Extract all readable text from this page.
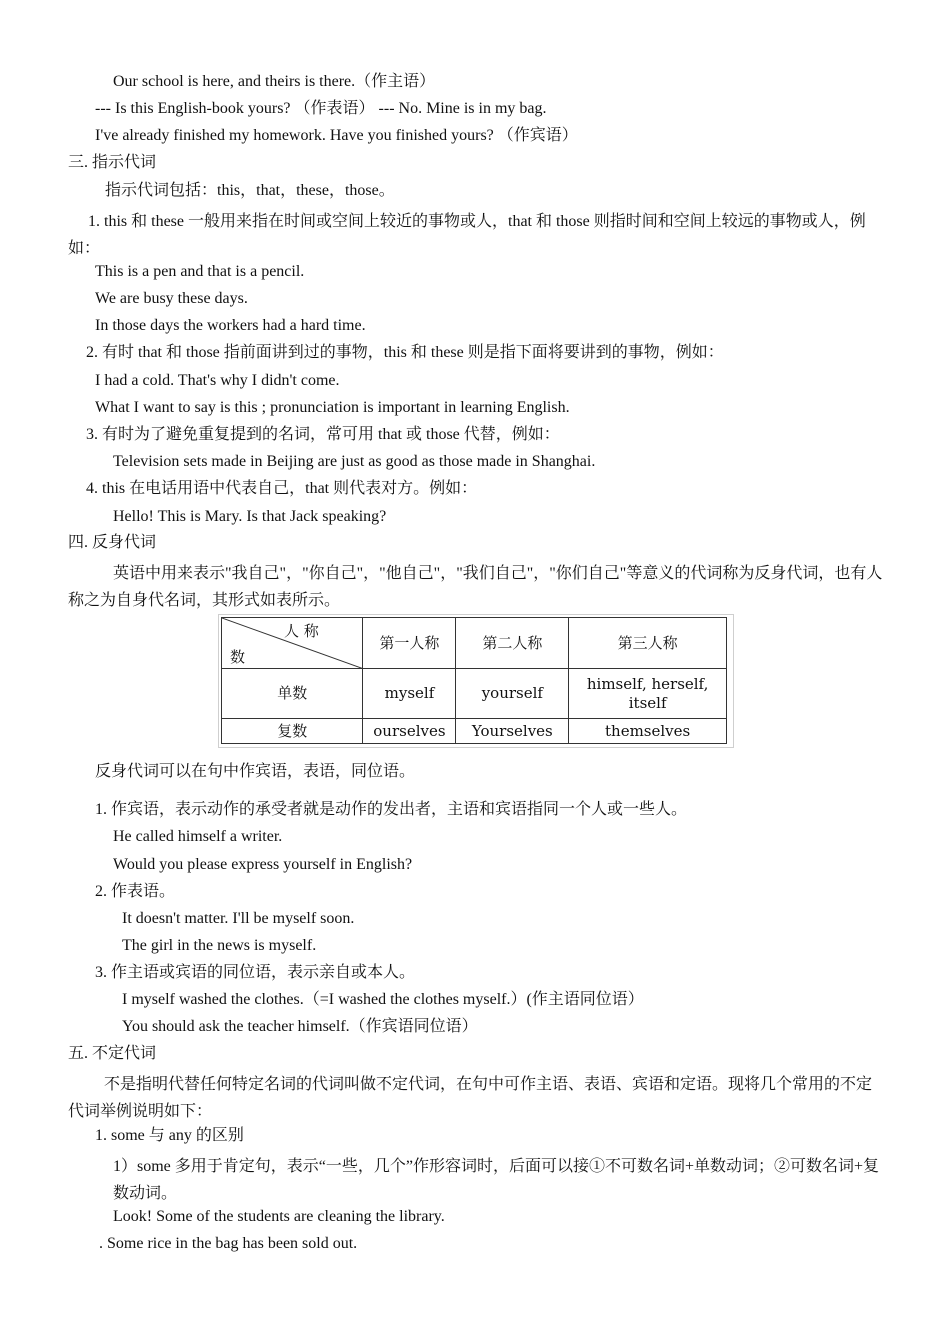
Our school is here, and theirs is there.（作主语）
--- Is this English-book yours? （作表语） --- No. Mine is in my bag.
I've already finished my homework. Have you finished yours? （作宾语）
三. 指示代词
指示代词包括：this，that，these，those。
1. this 和 these 一般用来指在时间或空间上较近的事物或人，that 和 those 则指时间和空间上较远的事物或人，例如：
This is a pen and that is a pencil.
We are busy these days.
In those days the workers had a hard time.
2. 有时 that 和 those 指前面讲到过的事物，this 和 these 则是指下面将要讲到的事物，例如：
I had a cold. That's why I didn't come.
What I want to say is this ; pronunciation is important in learning English.
3. 有时为了避免重复提到的名词，常可用 that 或 those 代替，例如：
Television sets made in Beijing are just as good as those made in Shanghai.
4. this 在电话用语中代表自己，that 则代表对方。例如：
Hello! This is Mary. Is that Jack speaking?
四. 反身代词
英语中用来表示"我自己"，"你自己"，"他自己"，"我们自己"，"你们自己"等意义的代词称为反身代词，也有人称之为自身代名词，其形式如表所示。
人 称
数	第一人称	第二人称	第三人称
单数	myself	yourself	himself, herself,
itself
复数	ourselves	Yourselves	themselves
反身代词可以在句中作宾语，表语，同位语。
1. 作宾语，表示动作的承受者就是动作的发出者，主语和宾语指同一个人或一些人。
He called himself a writer.
Would you please express yourself in English?
2. 作表语。
It doesn't matter. I'll be myself soon.
The girl in the news is myself.
3. 作主语或宾语的同位语，表示亲自或本人。
I myself washed the clothes.（=I washed the clothes myself.）(作主语同位语）
You should ask the teacher himself.（作宾语同位语）
五. 不定代词
不是指明代替任何特定名词的代词叫做不定代词，在句中可作主语、表语、宾语和定语。现将几个常用的不定代词举例说明如下：
1. some 与 any 的区别
1）some 多用于肯定句，表示“一些，几个”作形容词时，后面可以接①不可数名词+单数动词；②可数名词+复数动词。
Look! Some of the students are cleaning the library.
. Some rice in the bag has been sold out.
